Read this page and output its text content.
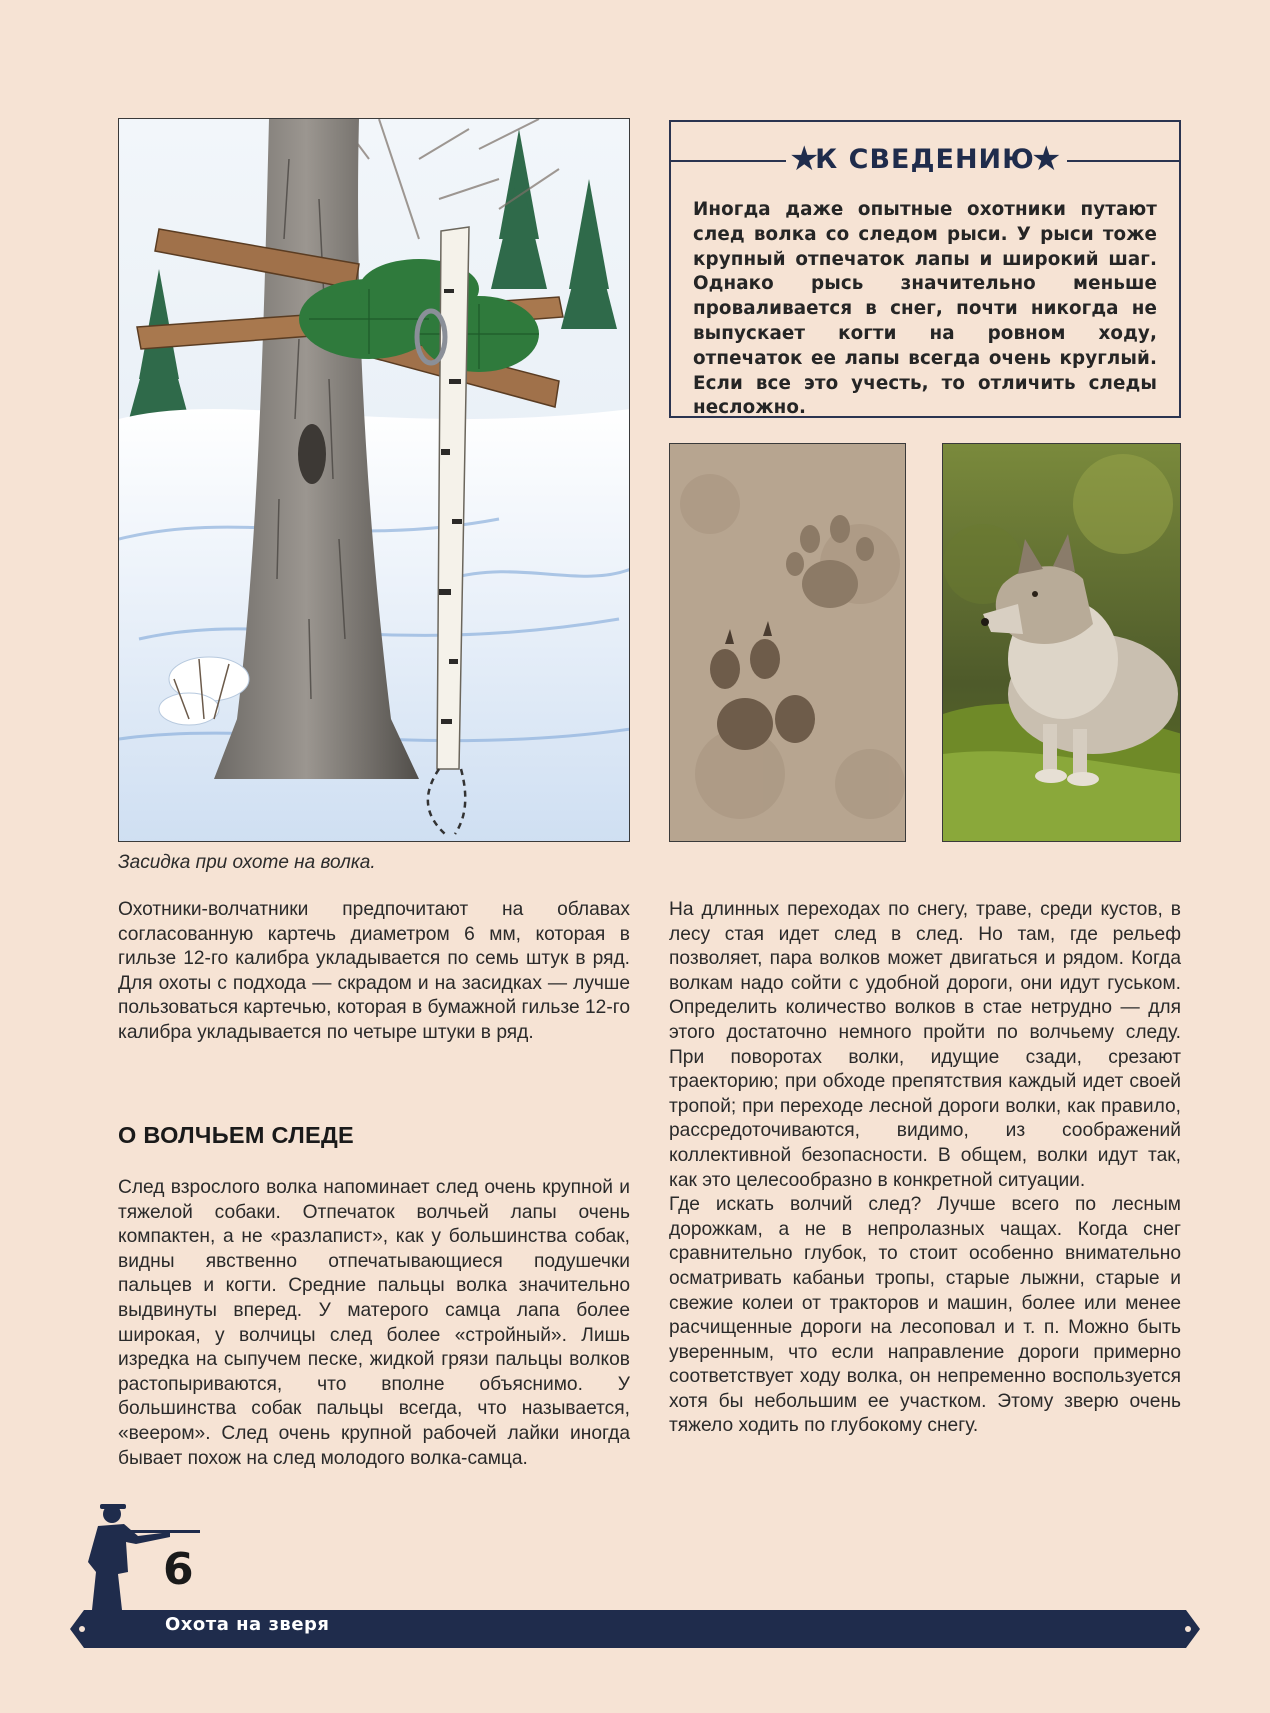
Засидка при охоте на волка.
★
К СВЕДЕНИЮ
★
Иногда даже опытные охотники путают след волка со следом рыси. У рыси тоже крупный отпечаток лапы и широкий шаг. Однако рысь значительно меньше проваливается в снег, почти никогда не выпускает когти на ровном ходу, отпечаток ее лапы всегда очень круглый. Если все это учесть, то отличить следы несложно.
Охотники-волчатники предпочитают на облавах согласованную картечь диаметром 6 мм, которая в гильзе 12-го калибра укладывается по семь штук в ряд. Для охоты с подхода — скрадом и на засидках — лучше пользоваться картечью, которая в бумажной гильзе 12-го калибра укладывается по четыре штуки в ряд.
О ВОЛЧЬЕМ СЛЕДЕ
След взрослого волка напоминает след очень крупной и тяжелой собаки. Отпечаток волчьей лапы очень компактен, а не «разлапист», как у большинства собак, видны явственно отпечатывающиеся подушечки пальцев и когти. Средние пальцы волка значительно выдвинуты вперед. У матерого самца лапа более широкая, у волчицы след более «стройный». Лишь изредка на сыпучем песке, жидкой грязи пальцы волков растопыриваются, что вполне объяснимо. У большинства собак пальцы всегда, что называется, «веером». След очень крупной рабочей лайки иногда бывает похож на след молодого волка-самца.

На длинных переходах по снегу, траве, среди кустов, в лесу стая идет след в след. Но там, где рельеф позволяет, пара волков может двигаться и рядом. Когда волкам надо сойти с удобной дороги, они идут гуськом. Определить количество волков в стае нетрудно — для этого достаточно немного пройти по волчьему следу. При поворотах волки, идущие сзади, срезают траекторию; при обходе препятствия каждый идет своей тропой; при переходе лесной дороги волки, как правило, рассредоточиваются, видимо, из соображений коллективной безопасности. В общем, волки идут так, как это целесообразно в конкретной ситуации.

Где искать волчий след? Лучше всего по лесным дорожкам, а не в непролазных чащах. Когда снег сравнительно глубок, то стоит особенно внимательно осматривать кабаньи тропы, старые лыжни, старые и свежие колеи от тракторов и машин, более или менее расчищенные дороги на лесоповал и т. п. Можно быть уверенным, что если направление дороги примерно соответствует ходу волка, он непременно воспользуется хотя бы небольшим ее участком. Этому зверю очень тяжело ходить по глубокому снегу.

Охота на зверя
6
